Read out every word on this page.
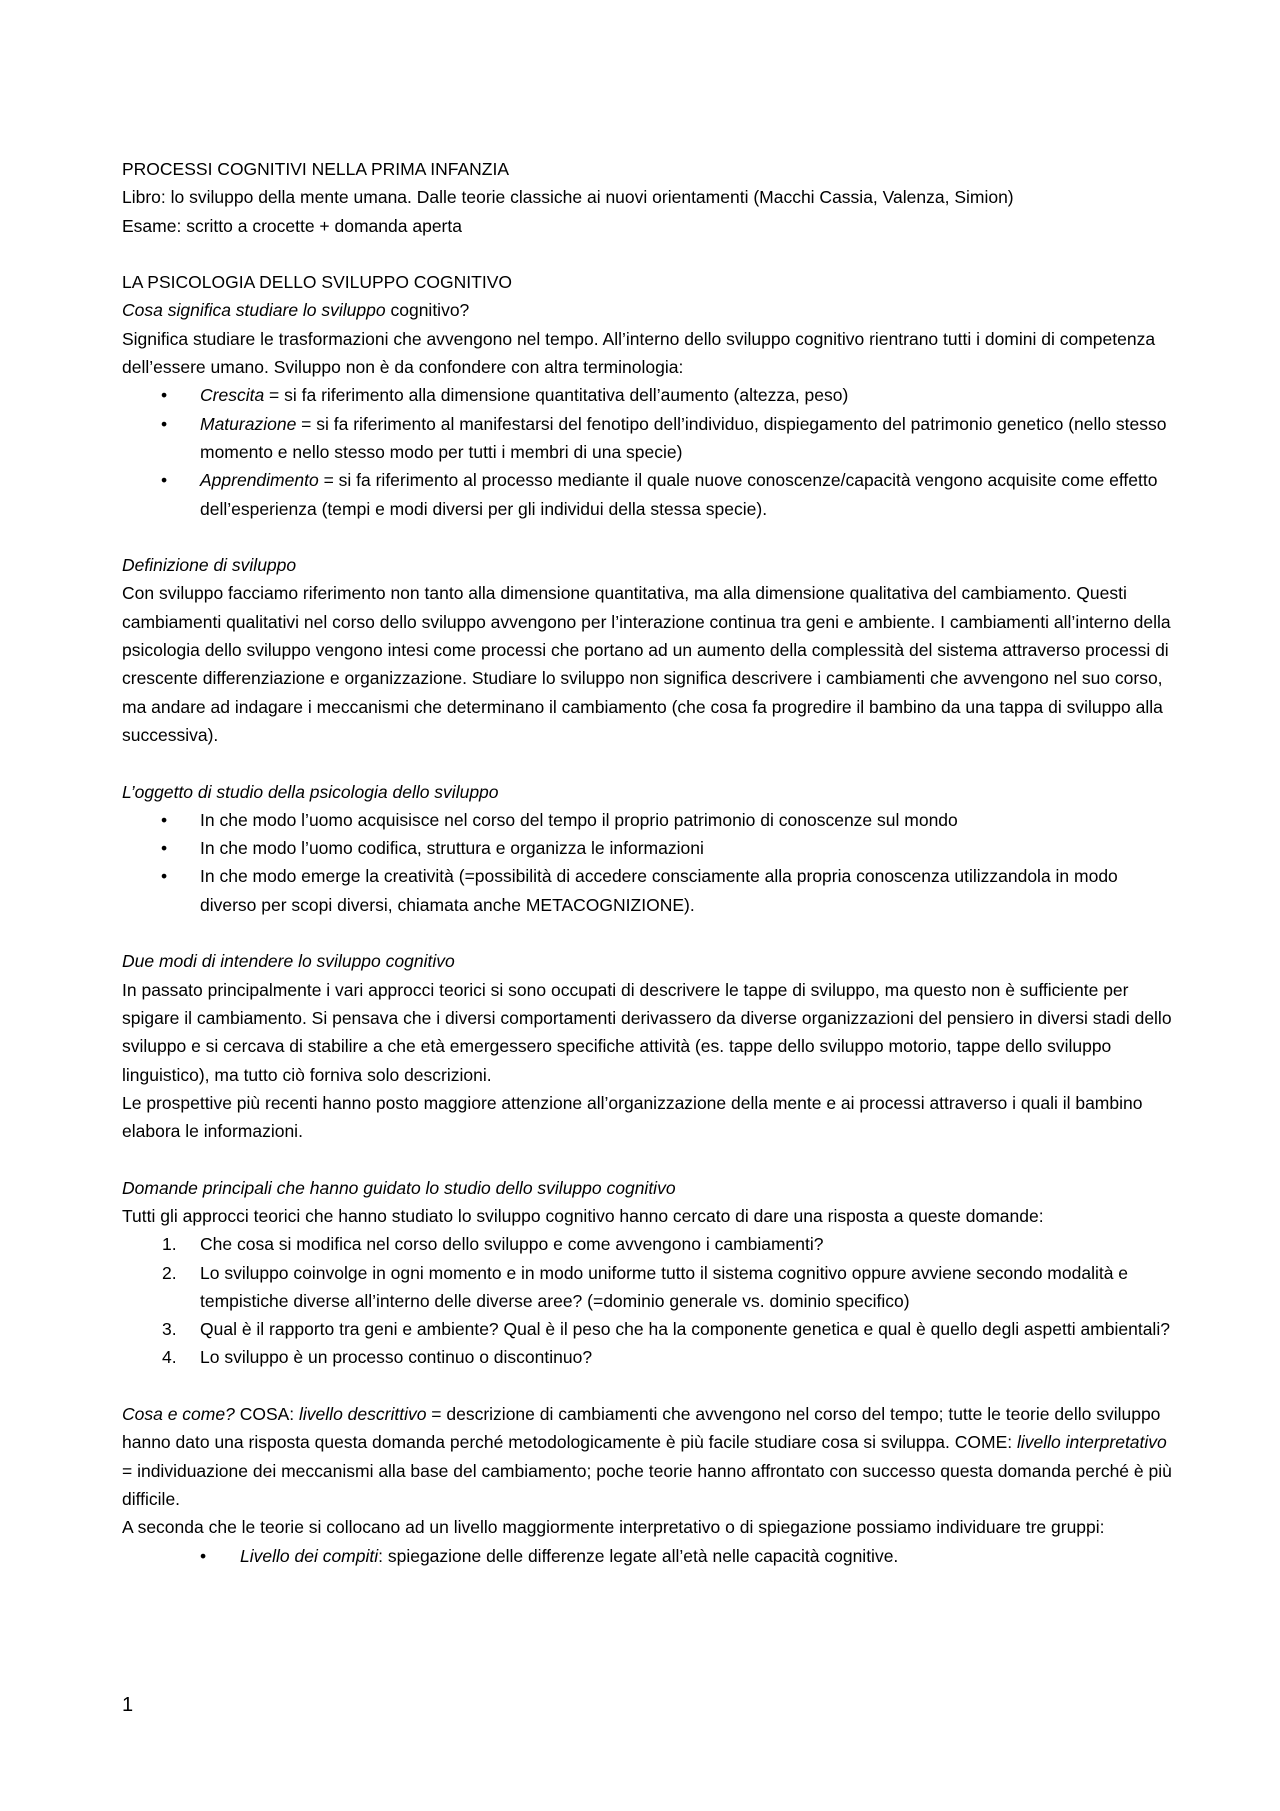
PROCESSI COGNITIVI NELLA PRIMA INFANZIA

Libro: lo sviluppo della mente umana. Dalle teorie classiche ai nuovi orientamenti (Macchi Cassia, Valenza, Simion)

Esame: scritto a crocette + domanda aperta

LA PSICOLOGIA DELLO SVILUPPO COGNITIVO

Cosa significa studiare lo sviluppo cognitivo?

Significa studiare le trasformazioni che avvengono nel tempo. All’interno dello sviluppo cognitivo rientrano tutti i domini di competenza dell’essere umano. Sviluppo non è da confondere con altra terminologia:

• Crescita = si fa riferimento alla dimensione quantitativa dell’aumento (altezza, peso)
• Maturazione = si fa riferimento al manifestarsi del fenotipo dell’individuo, dispiegamento del patrimonio genetico (nello stesso momento e nello stesso modo per tutti i membri di una specie)
• Apprendimento = si fa riferimento al processo mediante il quale nuove conoscenze/capacità vengono acquisite come effetto dell’esperienza (tempi e modi diversi per gli individui della stessa specie).

Definizione di sviluppo

Con sviluppo facciamo riferimento non tanto alla dimensione quantitativa, ma alla dimensione qualitativa del cambiamento. Questi cambiamenti qualitativi nel corso dello sviluppo avvengono per l’interazione continua tra geni e ambiente. I cambiamenti all’interno della psicologia dello sviluppo vengono intesi come processi che portano ad un aumento della complessità del sistema attraverso processi di crescente differenziazione e organizzazione. Studiare lo sviluppo non significa descrivere i cambiamenti che avvengono nel suo corso, ma andare ad indagare i meccanismi che determinano il cambiamento (che cosa fa progredire il bambino da una tappa di sviluppo alla successiva).

L’oggetto di studio della psicologia dello sviluppo

• In che modo l’uomo acquisisce nel corso del tempo il proprio patrimonio di conoscenze sul mondo
• In che modo l’uomo codifica, struttura e organizza le informazioni
• In che modo emerge la creatività (=possibilità di accedere consciamente alla propria conoscenza utilizzandola in modo diverso per scopi diversi, chiamata anche METACOGNIZIONE).

Due modi di intendere lo sviluppo cognitivo

In passato principalmente i vari approcci teorici si sono occupati di descrivere le tappe di sviluppo, ma questo non è sufficiente per spigare il cambiamento. Si pensava che i diversi comportamenti derivassero da diverse organizzazioni del pensiero in diversi stadi dello sviluppo e si cercava di stabilire a che età emergessero specifiche attività (es. tappe dello sviluppo motorio, tappe dello sviluppo linguistico), ma tutto ciò forniva solo descrizioni.

Le prospettive più recenti hanno posto maggiore attenzione all’organizzazione della mente e ai processi attraverso i quali il bambino elabora le informazioni.

Domande principali che hanno guidato lo studio dello sviluppo cognitivo

Tutti gli approcci teorici che hanno studiato lo sviluppo cognitivo hanno cercato di dare una risposta a queste domande:

1. Che cosa si modifica nel corso dello sviluppo e come avvengono i cambiamenti?
2. Lo sviluppo coinvolge in ogni momento e in modo uniforme tutto il sistema cognitivo oppure avviene secondo modalità e tempistiche diverse all’interno delle diverse aree? (=dominio generale vs. dominio specifico)
3. Qual è il rapporto tra geni e ambiente? Qual è il peso che ha la componente genetica e qual è quello degli aspetti ambientali?
4. Lo sviluppo è un processo continuo o discontinuo?

Cosa e come? COSA: livello descrittivo = descrizione di cambiamenti che avvengono nel corso del tempo; tutte le teorie dello sviluppo hanno dato una risposta questa domanda perché metodologicamente è più facile studiare cosa si sviluppa. COME: livello interpretativo = individuazione dei meccanismi alla base del cambiamento; poche teorie hanno affrontato con successo questa domanda perché è più difficile.

A seconda che le teorie si collocano ad un livello maggiormente interpretativo o di spiegazione possiamo individuare tre gruppi:

• Livello dei compiti: spiegazione delle differenze legate all’età nelle capacità cognitive.
1
